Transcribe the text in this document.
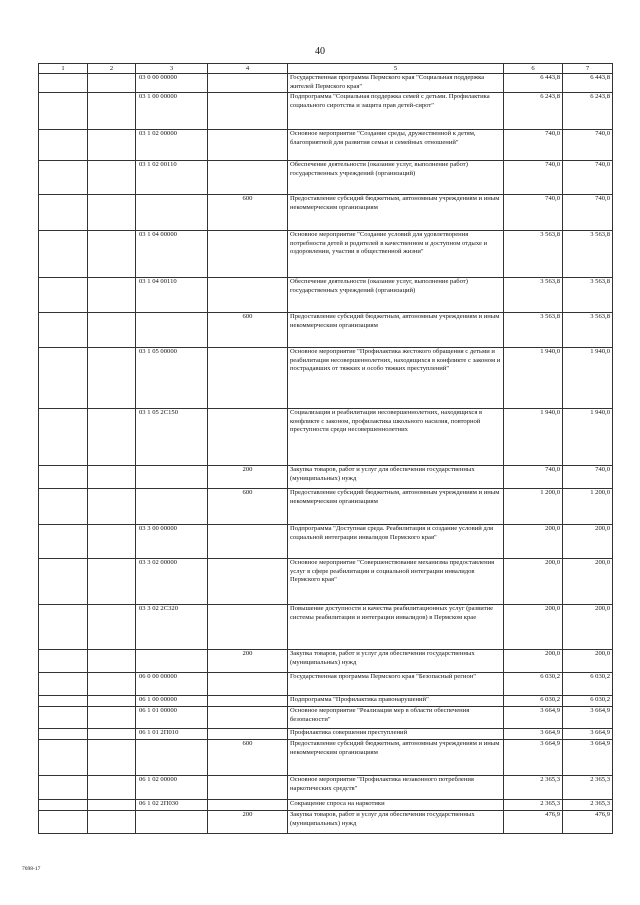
40
1	2	3	4	5	6	7
		03 0 00 00000		Государственная программа Пермского края "Социальная поддержка жителей Пермского края"	6 443,8	6 443,8
		03 1 00 00000		Подпрограмма "Социальная поддержка семей с детьми. Профилактика социального сиротства и защита прав детей-сирот"	6 243,8	6 243,8
		03 1 02 00000		Основное мероприятие "Создание среды, дружественной к детям, благоприятной для развития семьи и семейных отношений"	740,0	740,0
		03 1 02 00110		Обеспечение деятельности (оказание услуг, выполнение работ) государственных учреждений (организаций)	740,0	740,0
			600	Предоставление субсидий бюджетным, автономным учреждениям и иным некоммерческим организациям	740,0	740,0
		03 1 04 00000		Основное мероприятие "Создание условий для удовлетворения потребности детей и родителей в качественном и доступном отдыхе и оздоровлении, участии в общественной жизни"	3 563,8	3 563,8
		03 1 04 00110		Обеспечение деятельности (оказание услуг, выполнение работ) государственных учреждений (организаций)	3 563,8	3 563,8
			600	Предоставление субсидий бюджетным, автономным учреждениям и иным некоммерческим организациям	3 563,8	3 563,8
		03 1 05 00000		Основное мероприятие "Профилактика жестокого обращения с детьми и реабилитация несовершеннолетних, находящихся в конфликте с законом и пострадавших от тяжких и особо тяжких преступлений"	1 940,0	1 940,0
		03 1 05 2С150		Социализация и реабилитация несовершеннолетних, находящихся в конфликте с законом, профилактика школьного насилия, повторной преступности среди несовершеннолетних	1 940,0	1 940,0
			200	Закупка товаров, работ и услуг для обеспечения государственных (муниципальных) нужд	740,0	740,0
			600	Предоставление субсидий бюджетным, автономным учреждениям и иным некоммерческим организациям	1 200,0	1 200,0
		03 3 00 00000		Подпрограмма "Доступная среда. Реабилитация и создание условий для социальной интеграции инвалидов Пермского края"	200,0	200,0
		03 3 02 00000		Основное мероприятие "Совершенствование механизма предоставления услуг в сфере реабилитации и социальной интеграции инвалидов Пермского края"	200,0	200,0
		03 3 02 2С320		Повышение доступности и качества реабилитационных услуг (развитие системы реабилитации и интеграции инвалидов) в Пермском крае	200,0	200,0
			200	Закупка товаров, работ и услуг для обеспечения государственных (муниципальных) нужд	200,0	200,0
		06 0 00 00000		Государственная программа Пермского края "Безопасный регион"	6 030,2	6 030,2
		06 1 00 00000		Подпрограмма "Профилактика правонарушений"	6 030,2	6 030,2
		06 1 01 00000		Основное мероприятие "Реализация мер в области обеспечения безопасности"	3 664,9	3 664,9
		06 1 01 2П010		Профилактика совершения преступлений	3 664,9	3 664,9
			600	Предоставление субсидий бюджетным, автономным учреждениям и иным некоммерческим организациям	3 664,9	3 664,9
		06 1 02 00000		Основное мероприятие "Профилактика незаконного потребления наркотических средств"	2 365,3	2 365,3
		06 1 02 2П030		Сокращение спроса на наркотики	2 365,3	2 365,3
			200	Закупка товаров, работ и услуг для обеспечения государственных (муниципальных) нужд	476,9	476,9
7698-17
